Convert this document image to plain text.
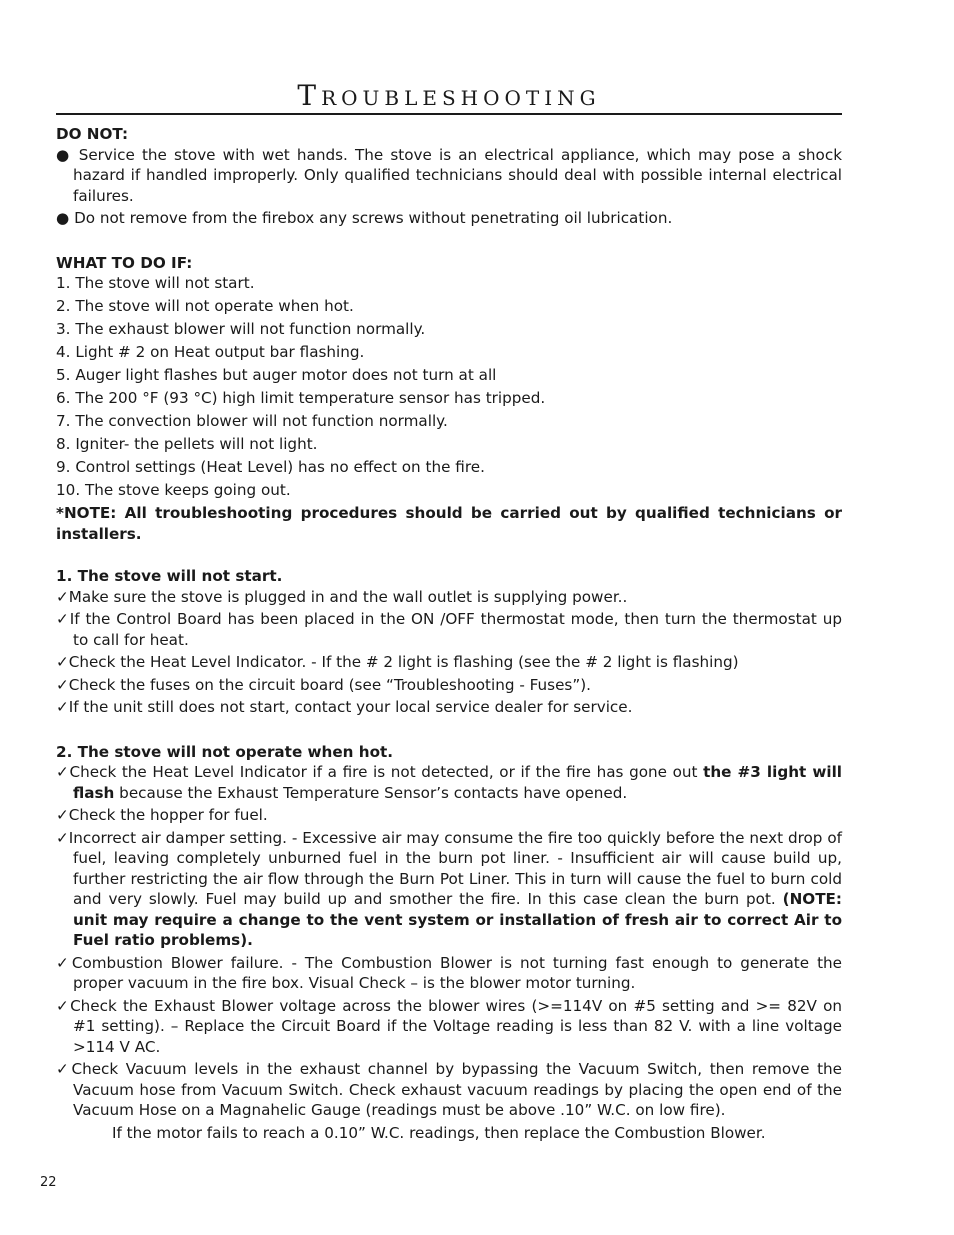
Troubleshooting

DO NOT:

● Service the stove with wet hands. The stove is an electrical appliance, which may pose a shock hazard if handled improperly. Only qualified technicians should deal with possible internal electrical failures.

● Do not remove from the firebox any screws without penetrating oil lubrication.

WHAT TO DO IF:

1. The stove will not start.

2. The stove will not operate when hot.

3. The exhaust blower will not function normally.

4. Light # 2 on Heat output bar flashing.

5. Auger light flashes but auger motor does not turn at all

6. The 200 °F (93 °C) high limit temperature sensor has tripped.

7. The convection blower will not function normally.

8. Igniter- the pellets will not light.

9. Control settings (Heat Level) has no effect on the fire.

10. The stove keeps going out.

*NOTE: All troubleshooting procedures should be carried out by qualified technicians or installers.

1. The stove will not start.

✓Make sure the stove is plugged in and the wall outlet is supplying power..

✓If the Control Board has been placed in the ON /OFF thermostat mode, then turn the thermostat up to call for heat.

✓Check the Heat Level Indicator. - If the # 2 light is flashing (see the # 2 light is flashing)

✓Check the fuses on the circuit board (see “Troubleshooting - Fuses”).

✓If the unit still does not start, contact your local service dealer for service.

2. The stove will not operate when hot.

✓Check the Heat Level Indicator if a fire is not detected, or if the fire has gone out the #3 light will flash because the Exhaust Temperature Sensor’s contacts have opened.

✓Check the hopper for fuel.

✓Incorrect air damper setting. - Excessive air may consume the fire too quickly before the next drop of fuel, leaving completely unburned fuel in the burn pot liner. - Insufficient air will cause build up, further restricting the air flow through the Burn Pot Liner. This in turn will cause the fuel to burn cold and very slowly. Fuel may build up and smother the fire. In this case clean the burn pot. (NOTE: unit may require a change to the vent system or installation of fresh air to correct Air to Fuel ratio problems).

✓Combustion Blower failure. - The Combustion Blower is not turning fast enough to generate the proper vacuum in the fire box. Visual Check – is the blower motor turning.

✓Check the Exhaust Blower voltage across the blower wires (>=114V on #5 setting and >= 82V on #1 setting). – Replace the Circuit Board if the Voltage reading is less than 82 V. with a line voltage >114 V AC.

✓Check Vacuum levels in the exhaust channel by bypassing the Vacuum Switch, then remove the Vacuum hose from Vacuum Switch. Check exhaust vacuum readings by placing the open end of the Vacuum Hose on a Magnahelic Gauge (readings must be above .10” W.C. on low fire).

If the motor fails to reach a 0.10” W.C. readings, then replace the Combustion Blower.

22
